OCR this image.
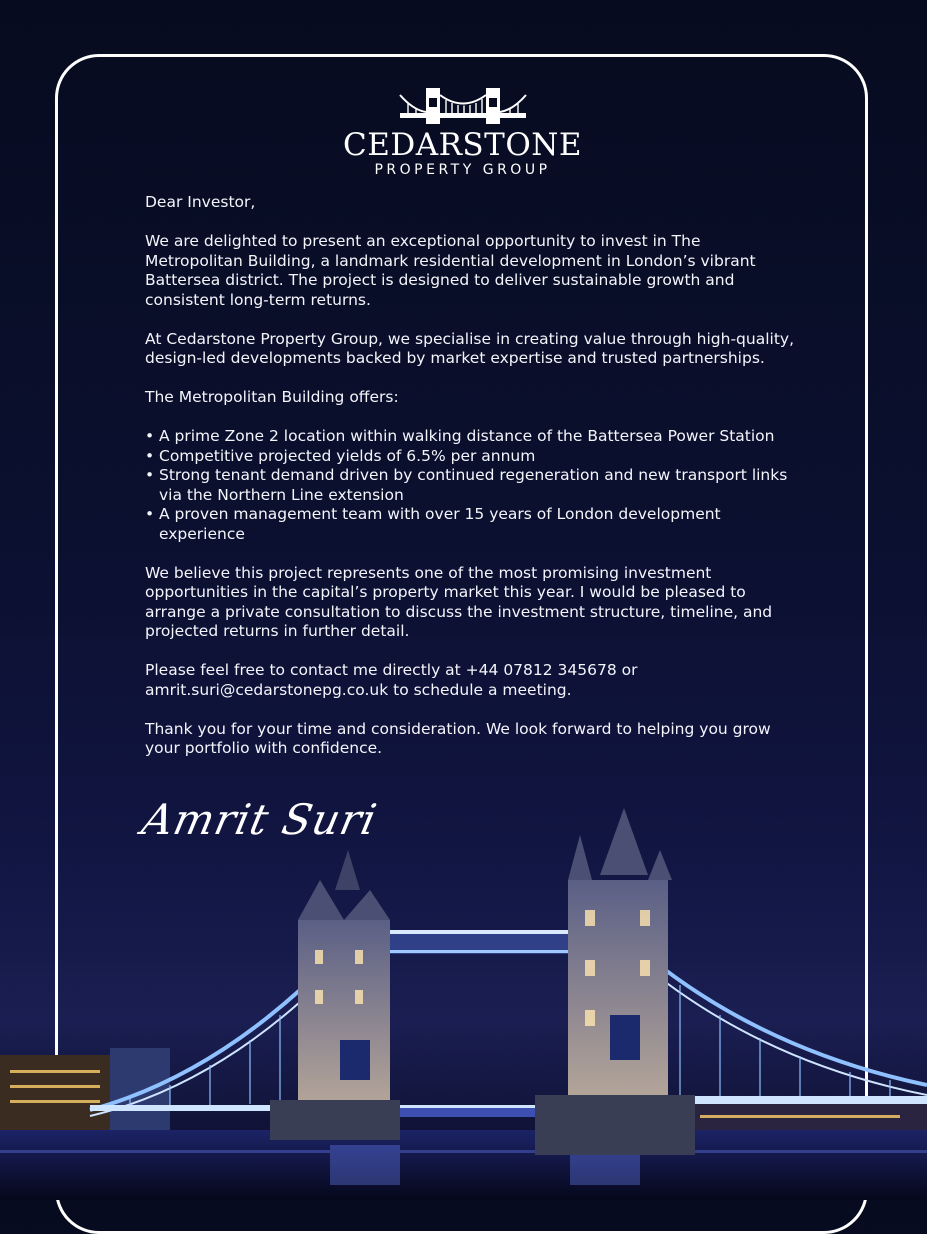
CEDARSTONE
PROPERTY GROUP

Dear Investor,

We are delighted to present an exceptional opportunity to invest in The Metropolitan Building, a landmark residential development in London’s vibrant Battersea district. The project is designed to deliver sustainable growth and consistent long-term returns.

At Cedarstone Property Group, we specialise in creating value through high-quality, design-led developments backed by market expertise and trusted partnerships.

The Metropolitan Building offers:

• A prime Zone 2 location within walking distance of the Battersea Power Station
• Competitive projected yields of 6.5% per annum
• Strong tenant demand driven by continued regeneration and new transport links via the Northern Line extension
• A proven management team with over 15 years of London development experience

We believe this project represents one of the most promising investment opportunities in the capital’s property market this year. I would be pleased to arrange a private consultation to discuss the investment structure, timeline, and projected returns in further detail.

Please feel free to contact me directly at +44 07812 345678 or amrit.suri@cedarstonepg.co.uk to schedule a meeting.

Thank you for your time and consideration. We look forward to helping you grow your portfolio with confidence.

Amrit Suri
